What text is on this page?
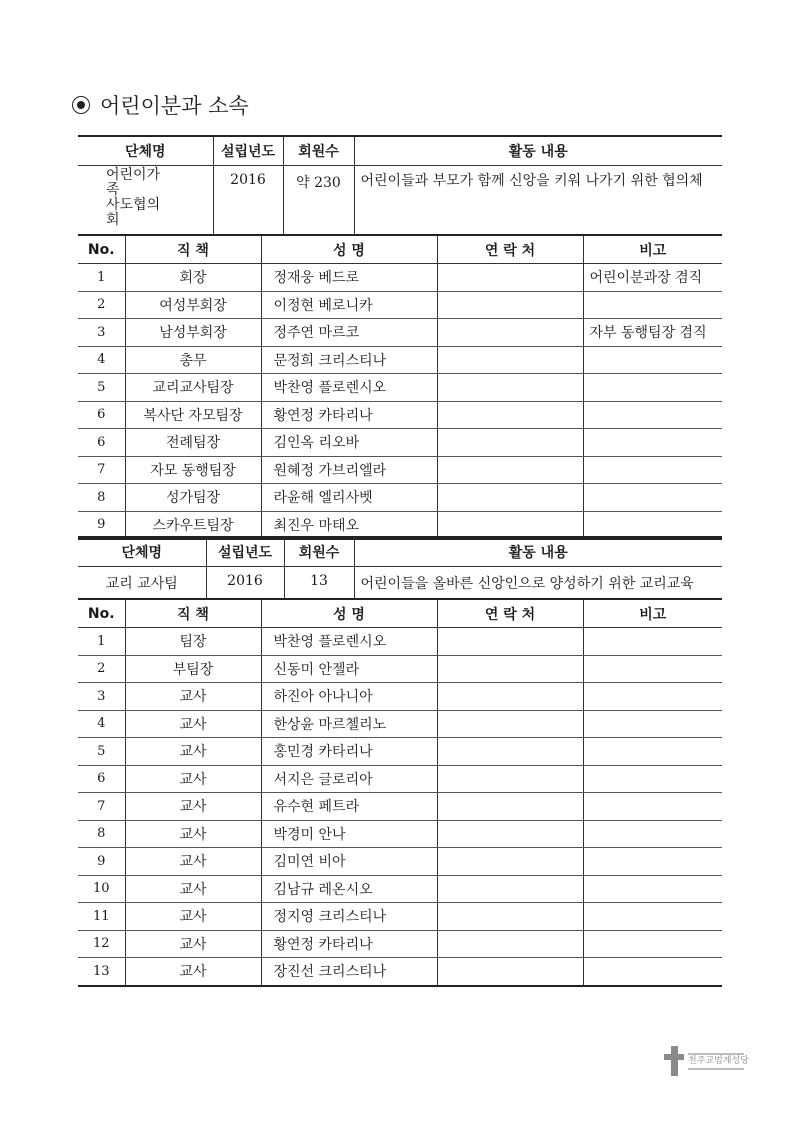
어린이분과 소속
단체명	설립년도	회원수	활동 내용
어린이가
족
사도협의
회	2016	약 230	어린이들과 부모가 함께 신앙을 키워 나가기 위한 협의체
No.	직 책	성 명	연 락 처	비고
1	회장	정재웅 베드로		어린이분과장 겸직
2	여성부회장	이정현 베로니카		
3	남성부회장	정주연 마르코		자부 동행팀장 겸직
4	총무	문정희 크리스티나		
5	교리교사팀장	박찬영 플로렌시오		
6	복사단 자모팀장	황연정 카타리나		
6	전례팀장	김인옥 리오바		
7	자모 동행팀장	원혜정 가브리엘라		
8	성가팀장	라윤해 엘리사벳		
9	스카우트팀장	최진우 마태오		
단체명	설립년도	회원수	활동 내용
교리 교사팀	2016	13	어린이들을 올바른 신앙인으로 양성하기 위한 교리교육
No.	직 책	성 명	연 락 처	비고
1	팀장	박찬영 플로렌시오		
2	부팀장	신동미 안젤라		
3	교사	하진아 아나니아		
4	교사	한상윤 마르첼리노		
5	교사	홍민경 카타리나		
6	교사	서지은 글로리아		
7	교사	유수현 페트라		
8	교사	박경미 안나		
9	교사	김미연 비아		
10	교사	김남규 레온시오		
11	교사	정지영 크리스티나		
12	교사	황연정 카타리나		
13	교사	장진선 크리스티나		
천주교범계성당
